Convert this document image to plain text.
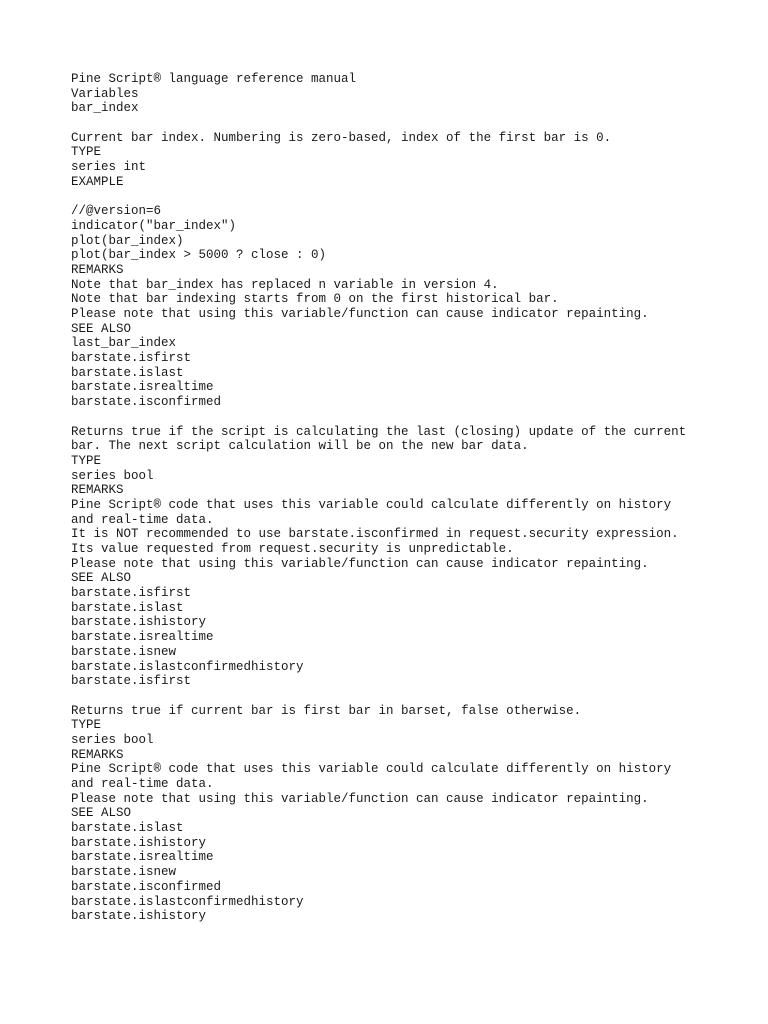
Pine Script® language reference manual
Variables
bar_index
Current bar index. Numbering is zero-based, index of the first bar is 0.
TYPE
series int
EXAMPLE
//@version=6
indicator("bar_index")
plot(bar_index)
plot(bar_index > 5000 ? close : 0)
REMARKS
Note that bar_index has replaced n variable in version 4.
Note that bar indexing starts from 0 on the first historical bar.
Please note that using this variable/function can cause indicator repainting.
SEE ALSO
last_bar_index
barstate.isfirst
barstate.islast
barstate.isrealtime
barstate.isconfirmed
Returns true if the script is calculating the last (closing) update of the current
bar. The next script calculation will be on the new bar data.
TYPE
series bool
REMARKS
Pine Script® code that uses this variable could calculate differently on history
and real-time data.
It is NOT recommended to use barstate.isconfirmed in request.security expression.
Its value requested from request.security is unpredictable.
Please note that using this variable/function can cause indicator repainting.
SEE ALSO
barstate.isfirst
barstate.islast
barstate.ishistory
barstate.isrealtime
barstate.isnew
barstate.islastconfirmedhistory
barstate.isfirst
Returns true if current bar is first bar in barset, false otherwise.
TYPE
series bool
REMARKS
Pine Script® code that uses this variable could calculate differently on history
and real-time data.
Please note that using this variable/function can cause indicator repainting.
SEE ALSO
barstate.islast
barstate.ishistory
barstate.isrealtime
barstate.isnew
barstate.isconfirmed
barstate.islastconfirmedhistory
barstate.ishistory
